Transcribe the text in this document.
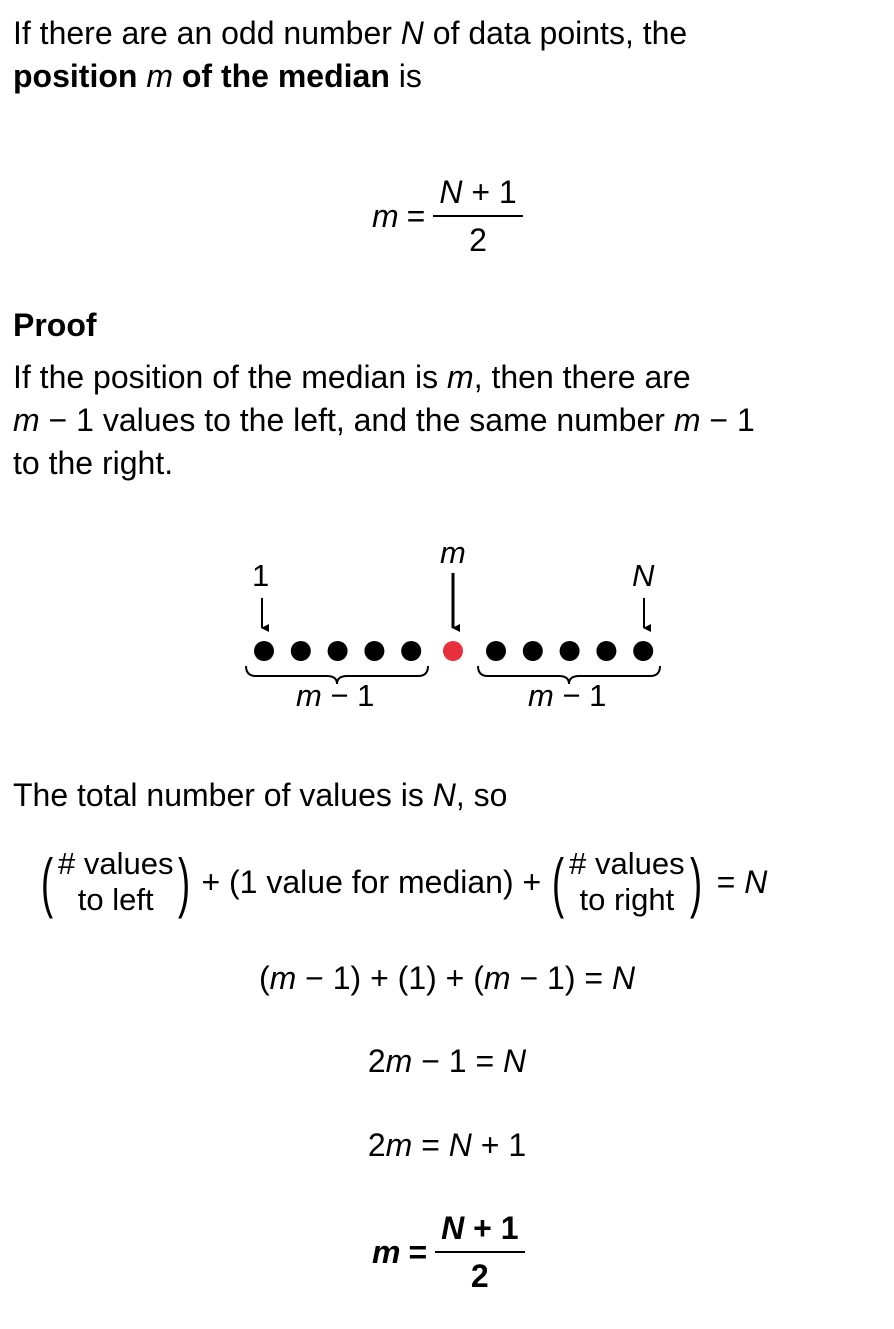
If there are an odd number N of data points, the
position m of the median is
$m = \frac{N + 1}{2}$
Proof
If the position of the median is m, then there are
m − 1 values to the left, and the same number m − 1
to the right.
1
m
N
m − 1	m − 1
The total number of values is N, so
( # values
to left ) + (1 value for median) + ( # values
to right ) = N
(m − 1) + (1) + (m − 1) = N
2m − 1 = N
2m = N + 1
$m = \frac{N + 1}{2}$
